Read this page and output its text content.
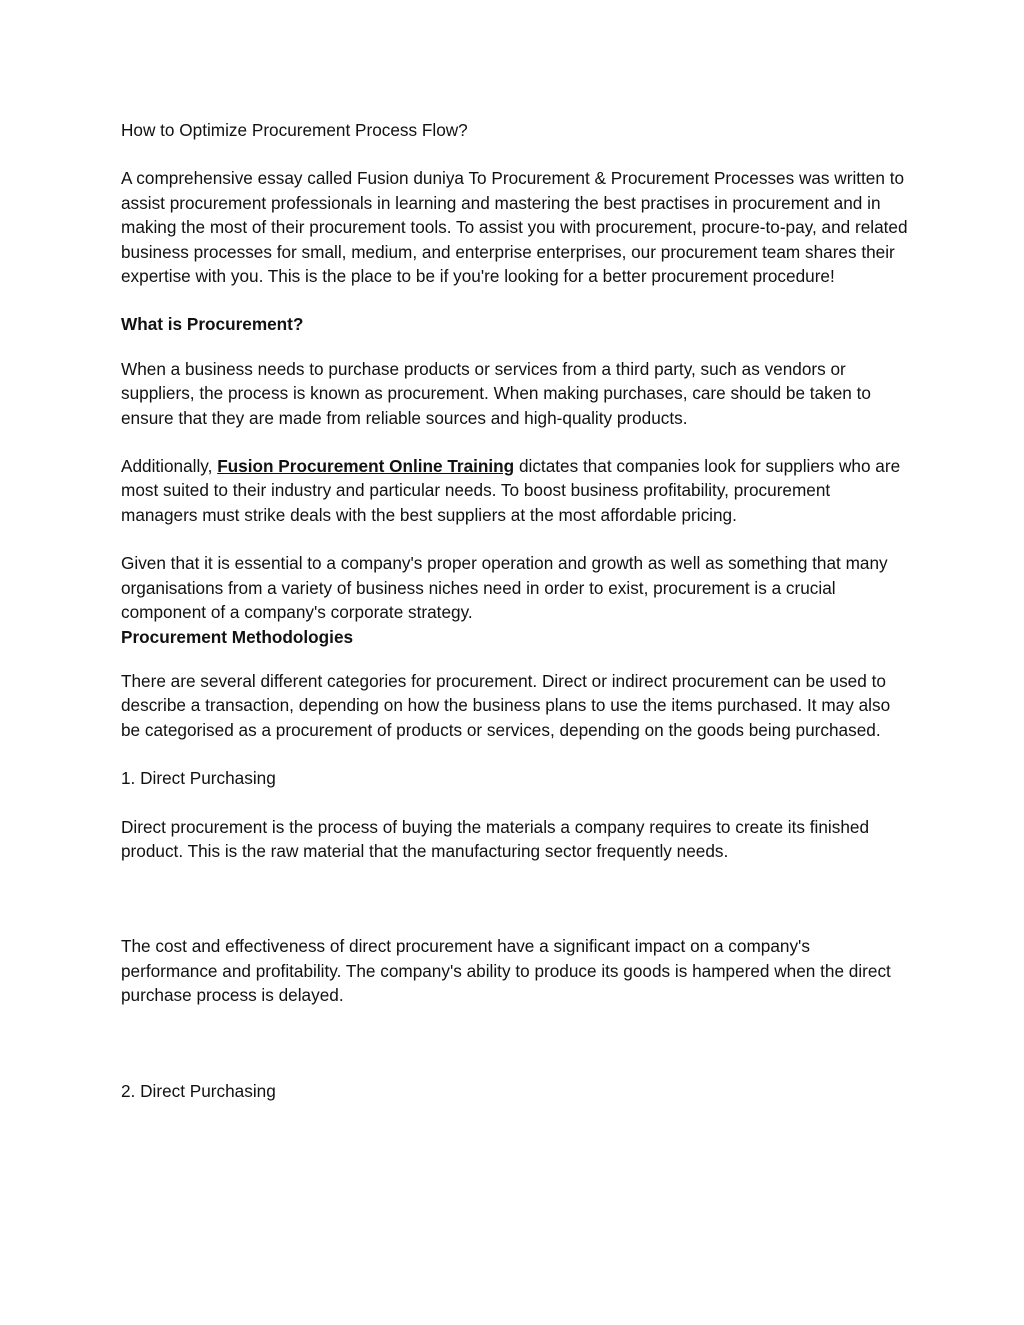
How to Optimize Procurement Process Flow?

A comprehensive essay called Fusion duniya To Procurement & Procurement Processes was written to assist procurement professionals in learning and mastering the best practises in procurement and in making the most of their procurement tools. To assist you with procurement, procure-to-pay, and related business processes for small, medium, and enterprise enterprises, our procurement team shares their expertise with you. This is the place to be if you're looking for a better procurement procedure!

What is Procurement?

When a business needs to purchase products or services from a third party, such as vendors or suppliers, the process is known as procurement. When making purchases, care should be taken to ensure that they are made from reliable sources and high-quality products.

Additionally, Fusion Procurement Online Training dictates that companies look for suppliers who are most suited to their industry and particular needs. To boost business profitability, procurement managers must strike deals with the best suppliers at the most affordable pricing.

Given that it is essential to a company's proper operation and growth as well as something that many organisations from a variety of business niches need in order to exist, procurement is a crucial component of a company's corporate strategy.

Procurement Methodologies

There are several different categories for procurement. Direct or indirect procurement can be used to describe a transaction, depending on how the business plans to use the items purchased. It may also be categorised as a procurement of products or services, depending on the goods being purchased.

1. Direct Purchasing

Direct procurement is the process of buying the materials a company requires to create its finished product. This is the raw material that the manufacturing sector frequently needs.

The cost and effectiveness of direct procurement have a significant impact on a company's performance and profitability. The company's ability to produce its goods is hampered when the direct purchase process is delayed.

2. Direct Purchasing
